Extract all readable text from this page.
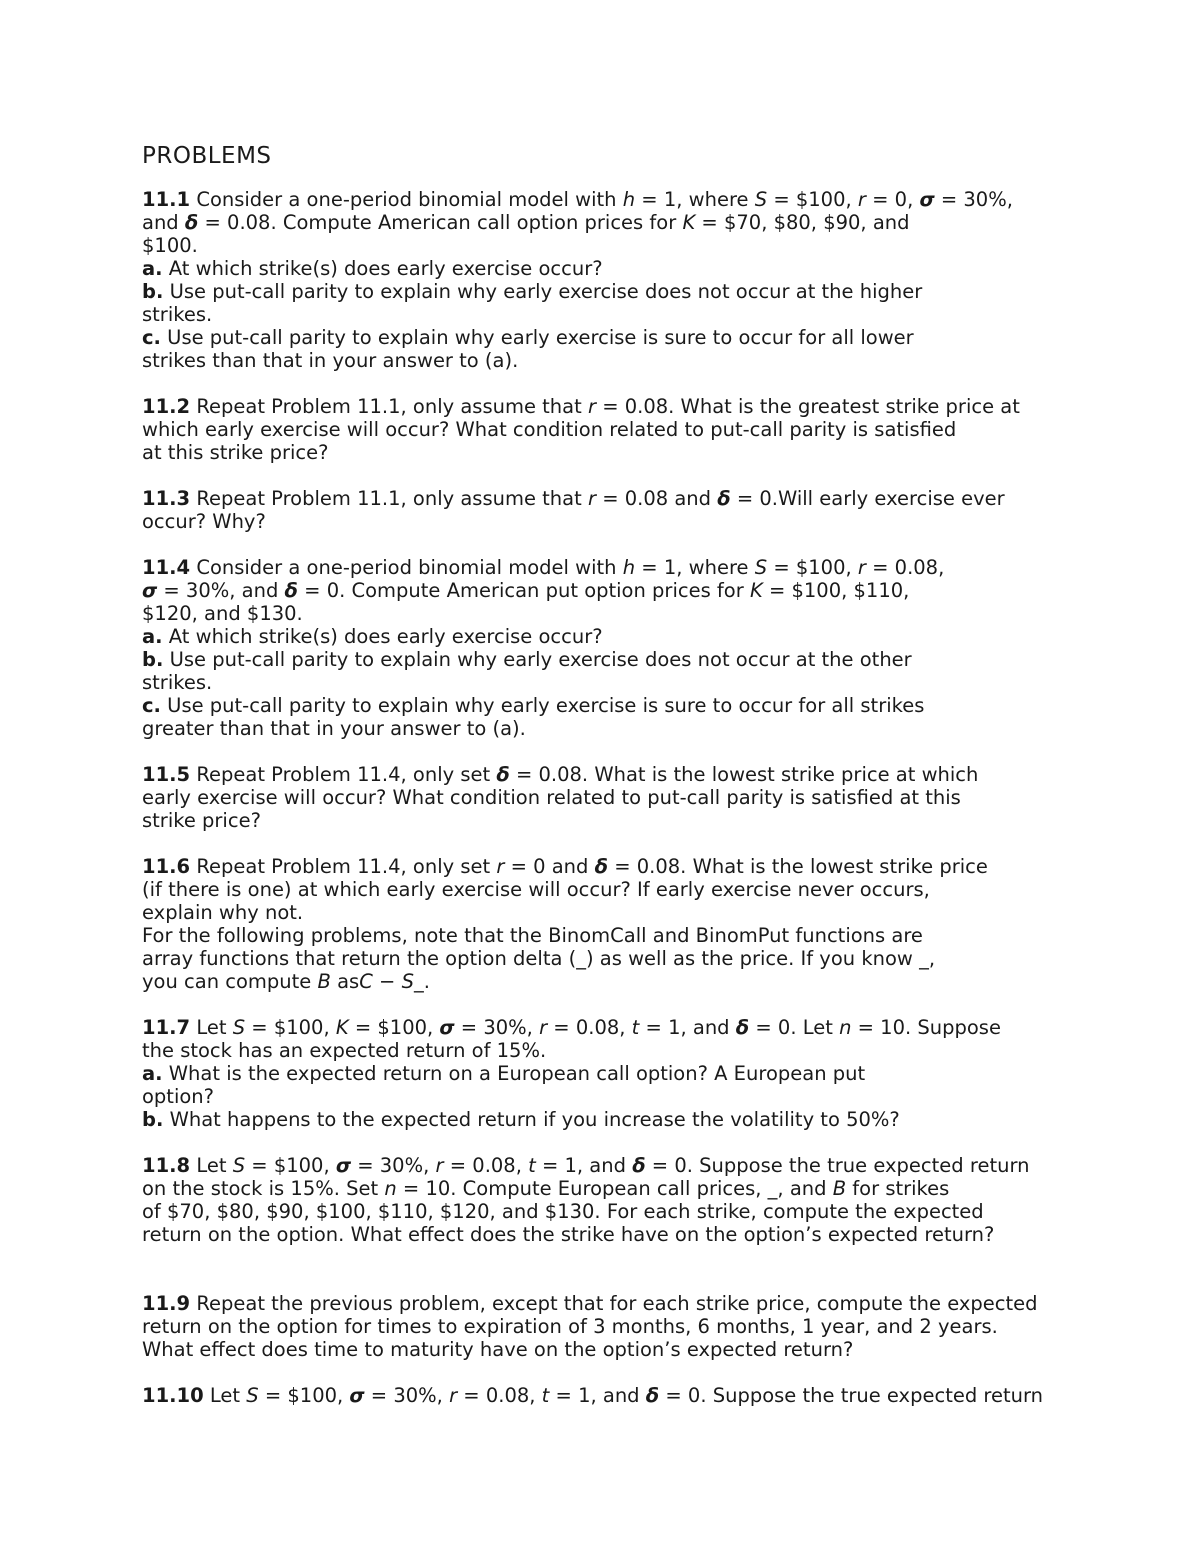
PROBLEMS
11.1 Consider a one-period binomial model with h = 1, where S = $100, r = 0, σ = 30%,
and δ = 0.08. Compute American call option prices for K = $70, $80, $90, and
$100.
a. At which strike(s) does early exercise occur?
b. Use put-call parity to explain why early exercise does not occur at the higher
strikes.
c. Use put-call parity to explain why early exercise is sure to occur for all lower
strikes than that in your answer to (a).
11.2 Repeat Problem 11.1, only assume that r = 0.08. What is the greatest strike price at
which early exercise will occur? What condition related to put-call parity is satisfied
at this strike price?
11.3 Repeat Problem 11.1, only assume that r = 0.08 and δ = 0.Will early exercise ever
occur? Why?
11.4 Consider a one-period binomial model with h = 1, where S = $100, r = 0.08,
σ = 30%, and δ = 0. Compute American put option prices for K = $100, $110,
$120, and $130.
a. At which strike(s) does early exercise occur?
b. Use put-call parity to explain why early exercise does not occur at the other
strikes.
c. Use put-call parity to explain why early exercise is sure to occur for all strikes
greater than that in your answer to (a).
11.5 Repeat Problem 11.4, only set δ = 0.08. What is the lowest strike price at which
early exercise will occur? What condition related to put-call parity is satisfied at this
strike price?
11.6 Repeat Problem 11.4, only set r = 0 and δ = 0.08. What is the lowest strike price
(if there is one) at which early exercise will occur? If early exercise never occurs,
explain why not.
For the following problems, note that the BinomCall and BinomPut functions are
array functions that return the option delta (_) as well as the price. If you know _,
you can compute B asC − S_.
11.7 Let S = $100, K = $100, σ = 30%, r = 0.08, t = 1, and δ = 0. Let n = 10. Suppose
the stock has an expected return of 15%.
a. What is the expected return on a European call option? A European put
option?
b. What happens to the expected return if you increase the volatility to 50%?
11.8 Let S = $100, σ = 30%, r = 0.08, t = 1, and δ = 0. Suppose the true expected return
on the stock is 15%. Set n = 10. Compute European call prices, _, and B for strikes
of $70, $80, $90, $100, $110, $120, and $130. For each strike, compute the expected
return on the option. What effect does the strike have on the option’s expected return?
11.9 Repeat the previous problem, except that for each strike price, compute the expected
return on the option for times to expiration of 3 months, 6 months, 1 year, and 2 years.
What effect does time to maturity have on the option’s expected return?
11.10 Let S = $100, σ = 30%, r = 0.08, t = 1, and δ = 0. Suppose the true expected return
